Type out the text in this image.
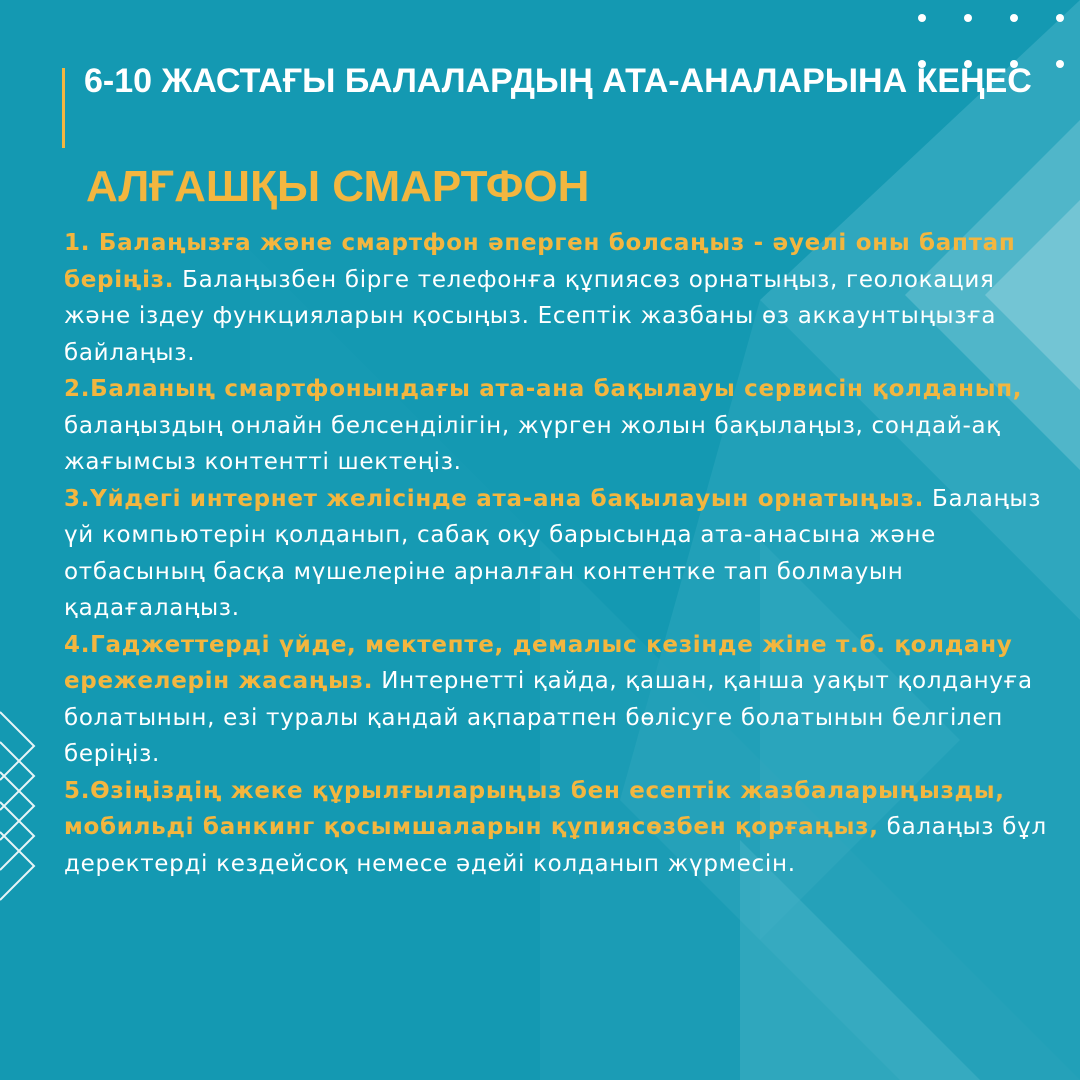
6-10 ЖАСТАҒЫ БАЛАЛАРДЫҢ АТА-АНАЛАРЫНА КЕҢЕС
АЛҒАШҚЫ СМАРТФОН

1. Балаңызға және смартфон әперген болсаңыз - әуелі оны баптап беріңіз. Балаңызбен бірге телефонға құпиясөз орнатыңыз, геолокация және іздеу функцияларын қосыңыз. Есептік жазбаны өз аккаунтыңызға байлаңыз.

2.Баланың смартфонындағы ата-ана бақылауы сервисін қолданып, балаңыздың онлайн белсенділігін, жүрген жолын бақылаңыз, сондай-ақ жағымсыз контентті шектеңіз.

3.Үйдегі интернет желісінде ата-ана бақылауын орнатыңыз. Балаңыз үй компьютерін қолданып, сабақ оқу барысында ата-анасына және отбасының басқа мүшелеріне арналған контентке тап болмауын қадағалаңыз.

4.Гаджеттерді үйде, мектепте, демалыс кезінде жіне т.б. қолдану ережелерін жасаңыз. Интернетті қайда, қашан, қанша уақыт қолдануға болатынын, езі туралы қандай ақпаратпен бөлісуге болатынын белгілеп беріңіз.

5.Өзіңіздің жеке құрылғыларыңыз бен есептік жазбаларыңызды, мобильді банкинг қосымшаларын құпиясөзбен қорғаңыз, балаңыз бұл деректерді кездейсоқ немесе әдейі колданып жүрмесін.
